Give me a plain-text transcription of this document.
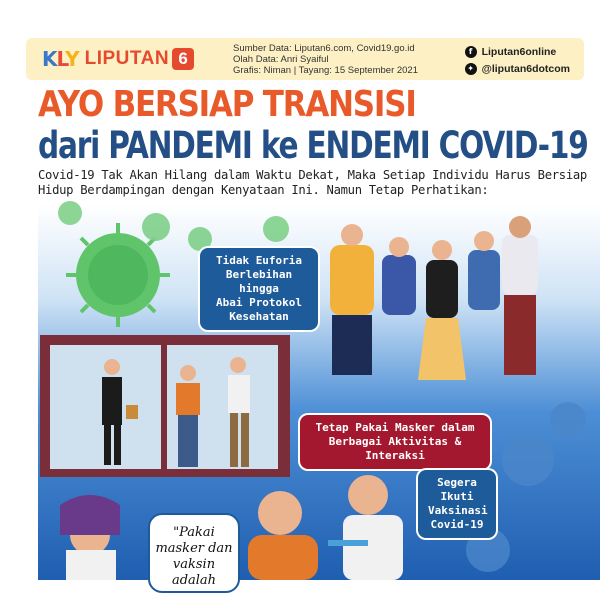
KLY LIPUTAN 6
Sumber Data: Liputan6.com, Covid19.go.id
Olah Data: Anri Syaiful
Grafis: Niman | Tayang: 15 September 2021
f Liputan6online
✦ @liputan6dotcom
AYO BERSIAP TRANSISI
dari PANDEMI ke ENDEMI COVID-19
Covid-19 Tak Akan Hilang dalam Waktu Dekat, Maka Setiap Individu Harus Bersiap
Hidup Berdampingan dengan Kenyataan Ini. Namun Tetap Perhatikan:
Tidak Euforia
Berlebihan hingga
Abai Protokol
Kesehatan
Tetap Pakai Masker dalam
Berbagai Aktivitas & Interaksi
Segera Ikuti
Vaksinasi
Covid-19
"Pakai
masker dan
vaksin adalah
